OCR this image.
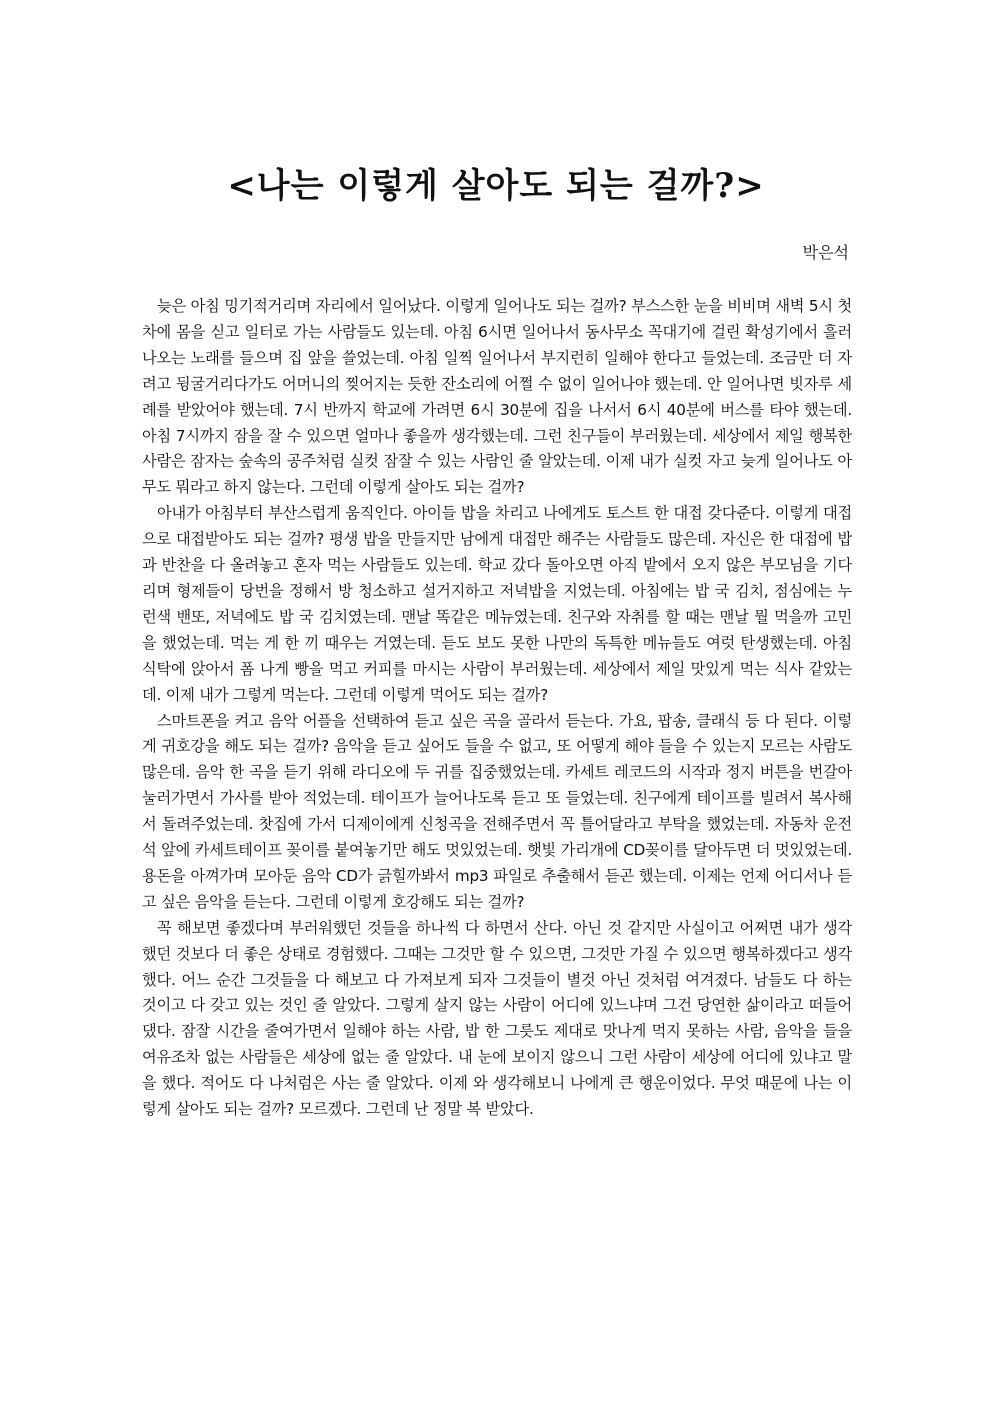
<나는 이렇게 살아도 되는 걸까?>
박은석

늦은 아침 밍기적거리며 자리에서 일어났다. 이렇게 일어나도 되는 걸까? 부스스한 눈을 비비며 새벽 5시 첫차에 몸을 싣고 일터로 가는 사람들도 있는데. 아침 6시면 일어나서 동사무소 꼭대기에 걸린 확성기에서 흘러나오는 노래를 들으며 집 앞을 쓸었는데. 아침 일찍 일어나서 부지런히 일해야 한다고 들었는데. 조금만 더 자려고 뒹굴거리다가도 어머니의 찢어지는 듯한 잔소리에 어쩔 수 없이 일어나야 했는데. 안 일어나면 빗자루 세례를 받았어야 했는데. 7시 반까지 학교에 가려면 6시 30분에 집을 나서서 6시 40분에 버스를 타야 했는데. 아침 7시까지 잠을 잘 수 있으면 얼마나 좋을까 생각했는데. 그런 친구들이 부러웠는데. 세상에서 제일 행복한 사람은 잠자는 숲속의 공주처럼 실컷 잠잘 수 있는 사람인 줄 알았는데. 이제 내가 실컷 자고 늦게 일어나도 아무도 뭐라고 하지 않는다. 그런데 이렇게 살아도 되는 걸까?

아내가 아침부터 부산스럽게 움직인다. 아이들 밥을 차리고 나에게도 토스트 한 대접 갖다준다. 이렇게 대접으로 대접받아도 되는 걸까? 평생 밥을 만들지만 남에게 대접만 해주는 사람들도 많은데. 자신은 한 대접에 밥과 반찬을 다 올려놓고 혼자 먹는 사람들도 있는데. 학교 갔다 돌아오면 아직 밭에서 오지 않은 부모님을 기다리며 형제들이 당번을 정해서 방 청소하고 설거지하고 저녁밥을 지었는데. 아침에는 밥 국 김치, 점심에는 누런색 밴또, 저녁에도 밥 국 김치였는데. 맨날 똑같은 메뉴였는데. 친구와 자취를 할 때는 맨날 뭘 먹을까 고민을 했었는데. 먹는 게 한 끼 때우는 거였는데. 듣도 보도 못한 나만의 독특한 메뉴들도 여럿 탄생했는데. 아침 식탁에 앉아서 폼 나게 빵을 먹고 커피를 마시는 사람이 부러웠는데. 세상에서 제일 맛있게 먹는 식사 같았는데. 이제 내가 그렇게 먹는다. 그런데 이렇게 먹어도 되는 걸까?

스마트폰을 켜고 음악 어플을 선택하여 듣고 싶은 곡을 골라서 듣는다. 가요, 팝송, 클래식 등 다 된다. 이렇게 귀호강을 해도 되는 걸까? 음악을 듣고 싶어도 들을 수 없고, 또 어떻게 해야 들을 수 있는지 모르는 사람도 많은데. 음악 한 곡을 듣기 위해 라디오에 두 귀를 집중했었는데. 카세트 레코드의 시작과 정지 버튼을 번갈아 눌러가면서 가사를 받아 적었는데. 테이프가 늘어나도록 듣고 또 들었는데. 친구에게 테이프를 빌려서 복사해서 돌려주었는데. 찻집에 가서 디제이에게 신청곡을 전해주면서 꼭 틀어달라고 부탁을 했었는데. 자동차 운전석 앞에 카세트테이프 꽂이를 붙여놓기만 해도 멋있었는데. 햇빛 가리개에 CD꽂이를 달아두면 더 멋있었는데. 용돈을 아껴가며 모아둔 음악 CD가 긁힐까봐서 mp3 파일로 추출해서 듣곤 했는데. 이제는 언제 어디서나 듣고 싶은 음악을 듣는다. 그런데 이렇게 호강해도 되는 걸까?

꼭 해보면 좋겠다며 부러워했던 것들을 하나씩 다 하면서 산다. 아닌 것 같지만 사실이고 어쩌면 내가 생각했던 것보다 더 좋은 상태로 경험했다. 그때는 그것만 할 수 있으면, 그것만 가질 수 있으면 행복하겠다고 생각했다. 어느 순간 그것들을 다 해보고 다 가져보게 되자 그것들이 별것 아닌 것처럼 여겨졌다. 남들도 다 하는 것이고 다 갖고 있는 것인 줄 알았다. 그렇게 살지 않는 사람이 어디에 있느냐며 그건 당연한 삶이라고 떠들어댔다. 잠잘 시간을 줄여가면서 일해야 하는 사람, 밥 한 그릇도 제대로 맛나게 먹지 못하는 사람, 음악을 들을 여유조차 없는 사람들은 세상에 없는 줄 알았다. 내 눈에 보이지 않으니 그런 사람이 세상에 어디에 있냐고 말을 했다. 적어도 다 나처럼은 사는 줄 알았다. 이제 와 생각해보니 나에게 큰 행운이었다. 무엇 때문에 나는 이렇게 살아도 되는 걸까? 모르겠다. 그런데 난 정말 복 받았다.
